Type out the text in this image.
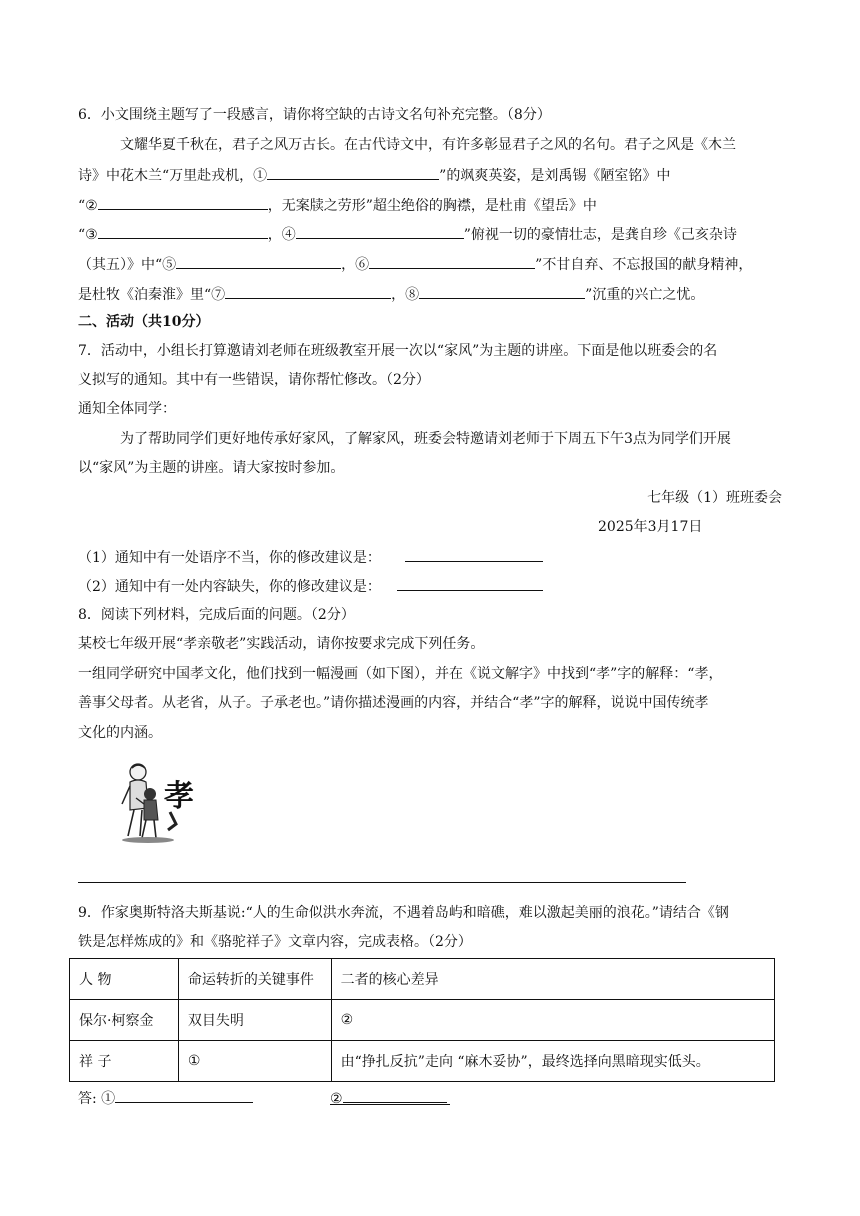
6．小文围绕主题写了一段感言，请你将空缺的古诗文名句补充完整。（8分）
文耀华夏千秋在，君子之风万古长。在古代诗文中，有许多彰显君子之风的名句。君子之风是《木兰
诗》中花木兰“万里赴戎机，①	”的飒爽英姿，是刘禹锡《陋室铭》中
“②	，无案牍之劳形”超尘绝俗的胸襟，是杜甫《望岳》中
“③	，④	”俯视一切的豪情壮志，是龚自珍《己亥杂诗
（其五）》中“⑤	，⑥	”不甘自弃、不忘报国的献身精神，
是杜牧《泊秦淮》里“⑦	，⑧	”沉重的兴亡之忧。
二、活动（共10分）
7．活动中，小组长打算邀请刘老师在班级教室开展一次以“家风”为主题的讲座。下面是他以班委会的名
义拟写的通知。其中有一些错误，请你帮忙修改。（2分）
通知全体同学：
为了帮助同学们更好地传承好家风，了解家风，班委会特邀请刘老师于下周五下午3点为同学们开展
以“家风”为主题的讲座。请大家按时参加。
七年级（1）班班委会
2025年3月17日
（1）通知中有一处语序不当，你的修改建议是：
（2）通知中有一处内容缺失，你的修改建议是：
8．阅读下列材料，完成后面的问题。（2分）
某校七年级开展“孝亲敬老”实践活动，请你按要求完成下列任务。
一组同学研究中国孝文化，他们找到一幅漫画（如下图），并在《说文解字》中找到“孝”字的解释：“孝，
善事父母者。从老省，从子。子承老也。”请你描述漫画的内容，并结合“孝”字的解释，说说中国传统孝
文化的内涵。
孝
9．作家奥斯特洛夫斯基说:“人的生命似洪水奔流，不遇着岛屿和暗礁，难以激起美丽的浪花。”请结合《钢
铁是怎样炼成的》和《骆驼祥子》文章内容，完成表格。（2分）
人 物	命运转折的关键事件	二者的核心差异
保尔·柯察金	双目失明	②
祥 子	①	由“挣扎反抗”走向 “麻木妥协”，最终选择向黑暗现实低头。
答: ①	②
